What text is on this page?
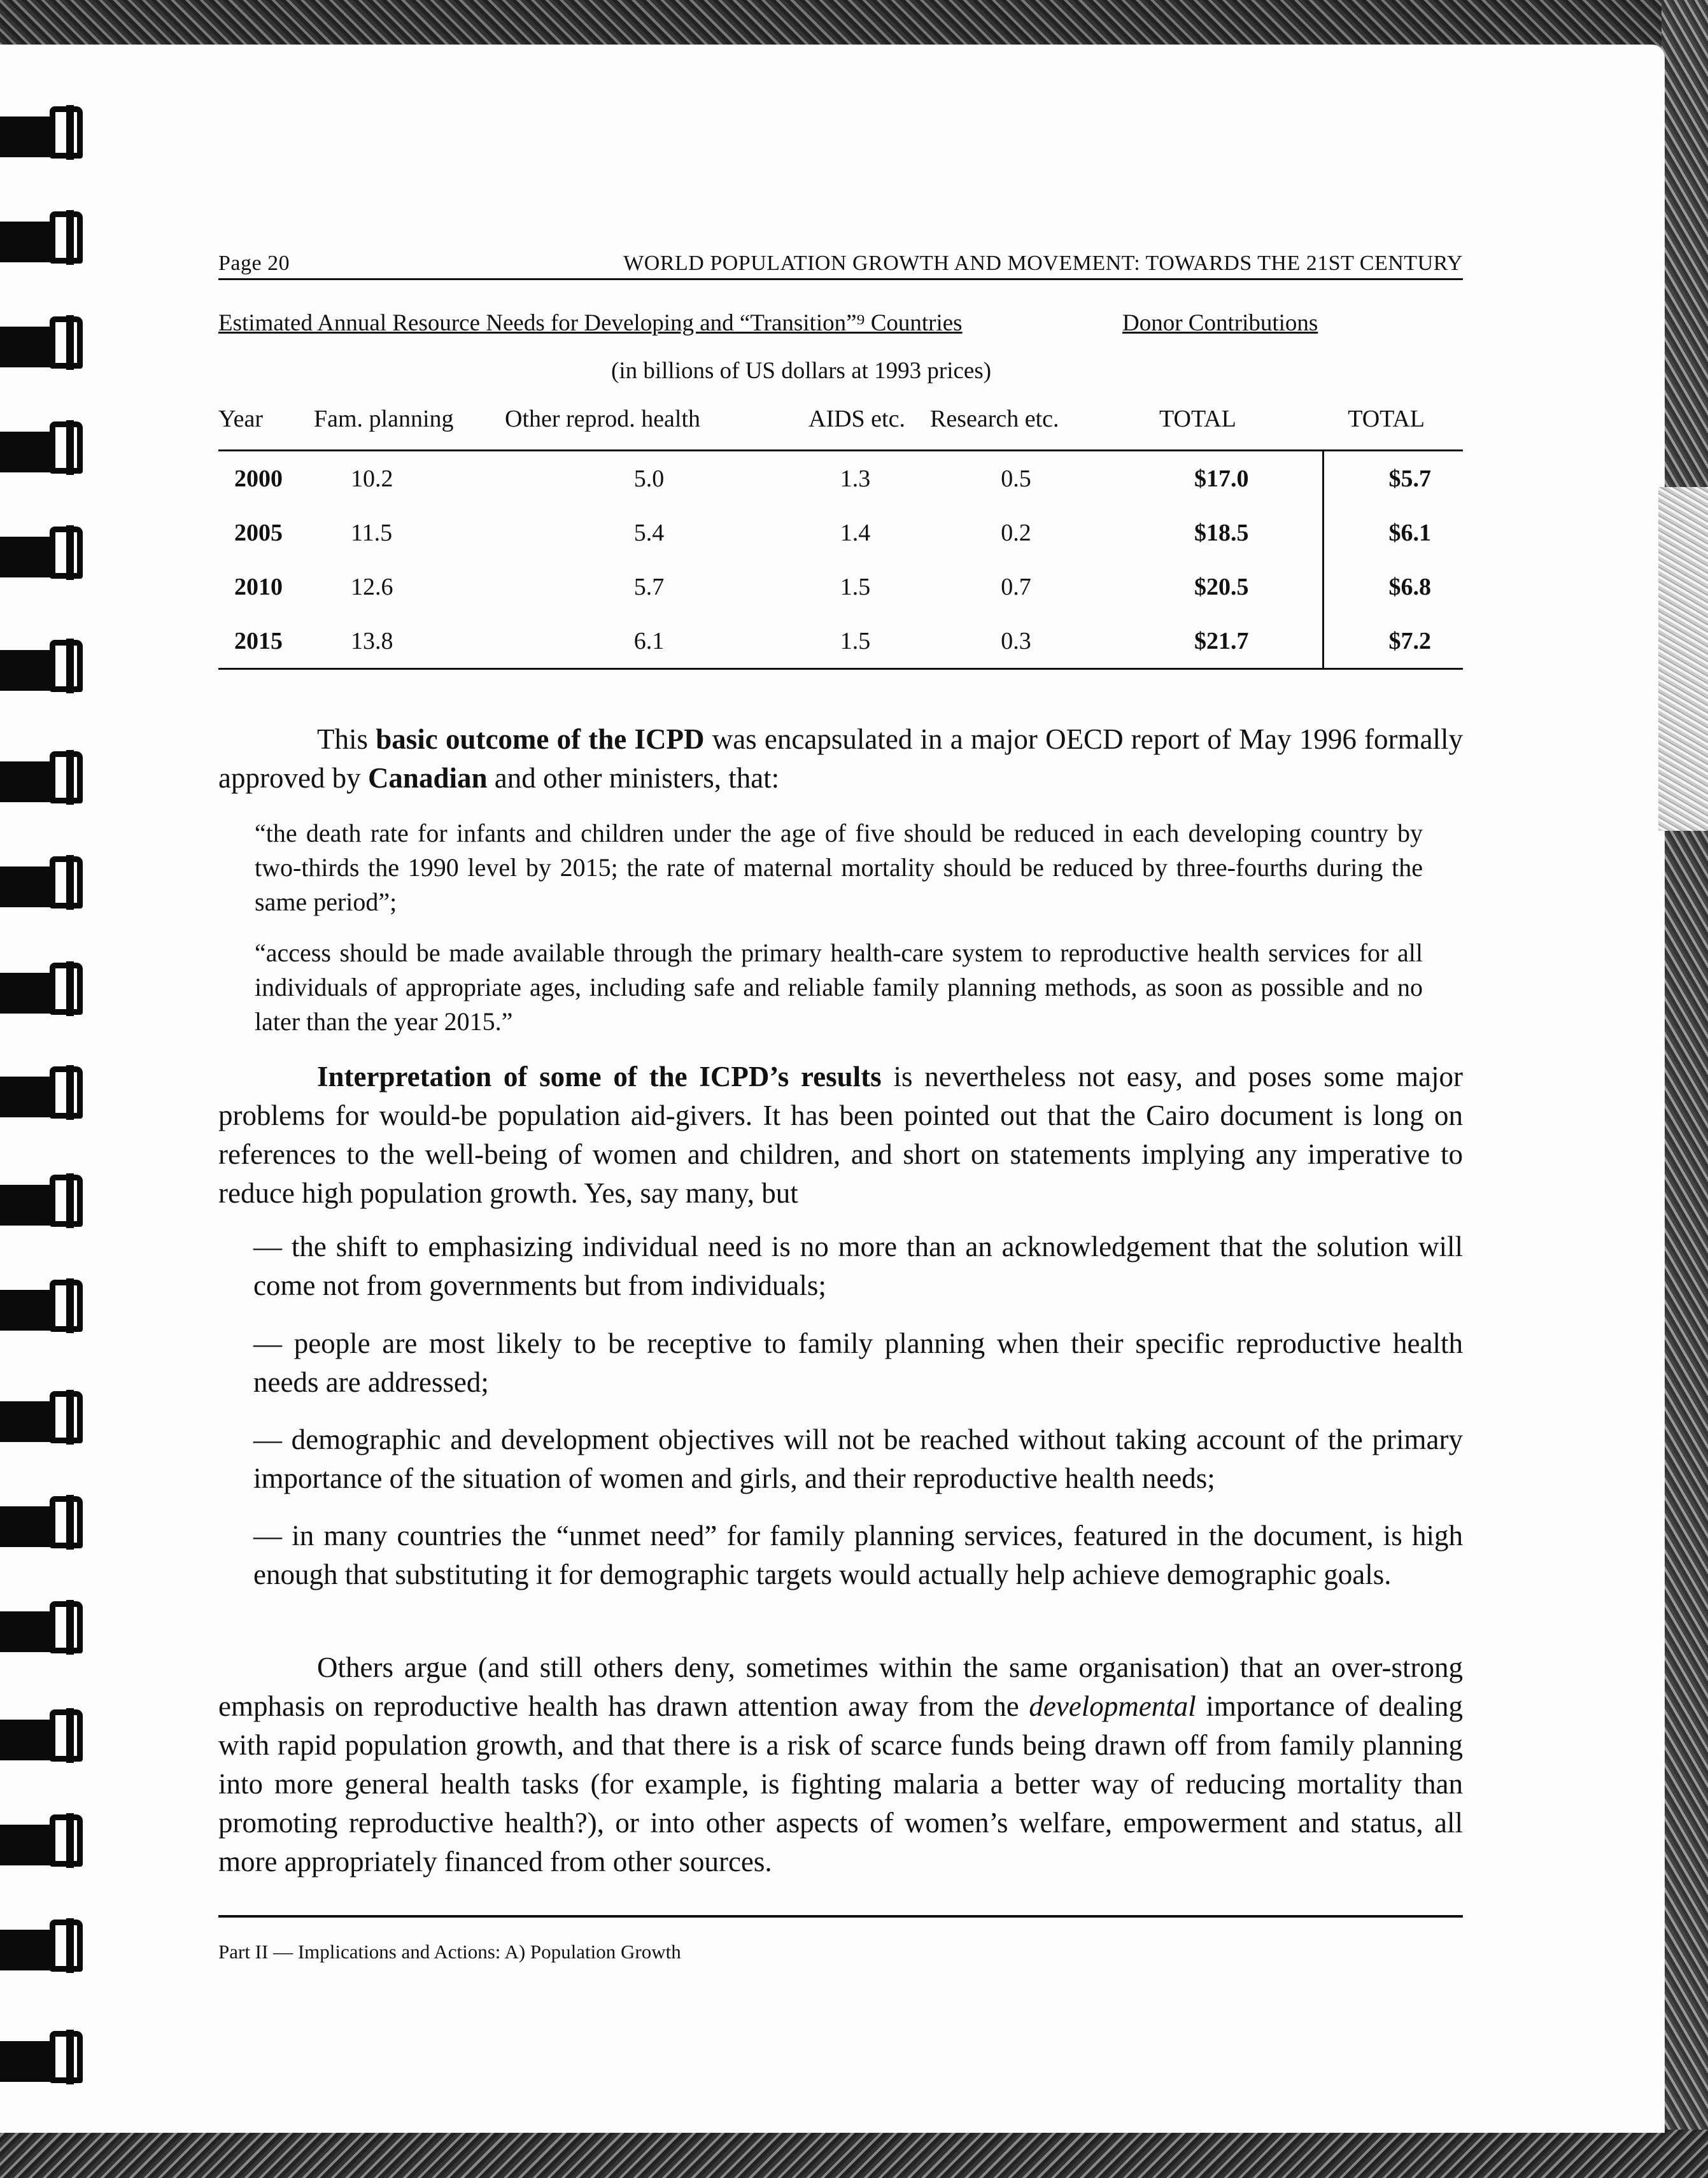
Page 20	WORLD POPULATION GROWTH AND MOVEMENT: TOWARDS THE 21ST CENTURY
Estimated Annual Resource Needs for Developing and “Transition”⁹ Countries	Donor Contributions
(in billions of US dollars at 1993 prices)
Year	Fam. planning	Other reprod. health	AIDS etc.	Research etc.	TOTAL	TOTAL
2000	10.2	5.0	1.3	0.5	$17.0	$5.7
2005	11.5	5.4	1.4	0.2	$18.5	$6.1
2010	12.6	5.7	1.5	0.7	$20.5	$6.8
2015	13.8	6.1	1.5	0.3	$21.7	$7.2
This basic outcome of the ICPD was encapsulated in a major OECD report of May 1996 formally approved by Canadian and other ministers, that:
“the death rate for infants and children under the age of five should be reduced in each developing country by two-thirds the 1990 level by 2015; the rate of maternal mortality should be reduced by three-fourths during the same period”;
“access should be made available through the primary health-care system to reproductive health services for all individuals of appropriate ages, including safe and reliable family planning methods, as soon as possible and no later than the year 2015.”
Interpretation of some of the ICPD’s results is nevertheless not easy, and poses some major problems for would-be population aid-givers. It has been pointed out that the Cairo document is long on references to the well-being of women and children, and short on statements implying any imperative to reduce high population growth. Yes, say many, but
— the shift to emphasizing individual need is no more than an acknowledgement that the solution will come not from governments but from individuals;
— people are most likely to be receptive to family planning when their specific reproductive health needs are addressed;
— demographic and development objectives will not be reached without taking account of the primary importance of the situation of women and girls, and their reproductive health needs;
— in many countries the “unmet need” for family planning services, featured in the document, is high enough that substituting it for demographic targets would actually help achieve demographic goals.
Others argue (and still others deny, sometimes within the same organisation) that an over-strong emphasis on reproductive health has drawn attention away from the developmental importance of dealing with rapid population growth, and that there is a risk of scarce funds being drawn off from family planning into more general health tasks (for example, is fighting malaria a better way of reducing mortality than promoting reproductive health?), or into other aspects of women’s welfare, empowerment and status, all more appropriately financed from other sources.
Part II — Implications and Actions: A) Population Growth
